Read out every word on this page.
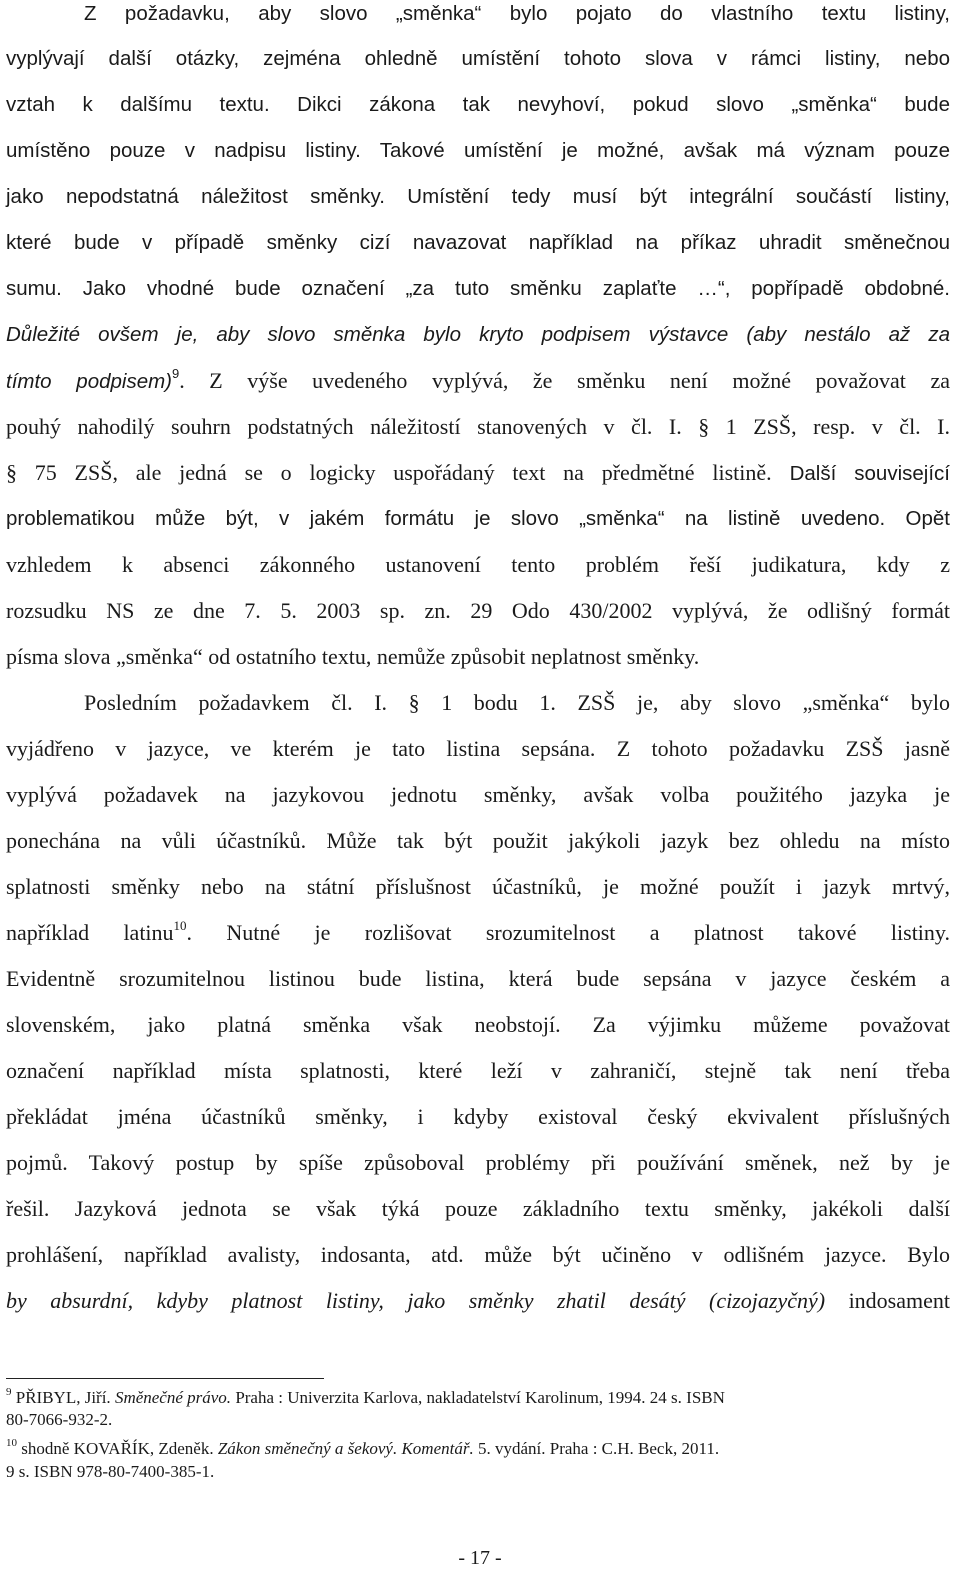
Z požadavku, aby slovo „směnka“ bylo pojato do vlastního textu listiny,
vyplývají další otázky, zejména ohledně umístění tohoto slova v rámci listiny, nebo
vztah k dalšímu textu. Dikci zákona tak nevyhoví, pokud slovo „směnka“ bude
umístěno pouze v nadpisu listiny. Takové umístění je možné, avšak má význam pouze
jako nepodstatná náležitost směnky. Umístění tedy musí být integrální součástí listiny,
které bude v případě směnky cizí navazovat například na příkaz uhradit směnečnou
sumu. Jako vhodné bude označení „za tuto směnku zaplaťte …“, popřípadě obdobné.
Důležité ovšem je, aby slovo směnka bylo kryto podpisem výstavce (aby nestálo až za
tímto podpisem)$^9$. Z výše uvedeného vyplývá, že směnku není možné považovat za
pouhý nahodilý souhrn podstatných náležitostí stanovených v čl. I. § 1 ZSŠ, resp. v čl. I.
§ 75 ZSŠ, ale jedná se o logicky uspořádaný text na předmětné listině. Další související
problematikou může být, v jakém formátu je slovo „směnka“ na listině uvedeno. Opět
vzhledem k absenci zákonného ustanovení tento problém řeší judikatura, kdy z
rozsudku NS ze dne 7. 5. 2003 sp. zn. 29 Odo 430/2002 vyplývá, že odlišný formát
písma slova „směnka“ od ostatního textu, nemůže způsobit neplatnost směnky.
Posledním požadavkem čl. I. § 1 bodu 1. ZSŠ je, aby slovo „směnka“ bylo
vyjádřeno v jazyce, ve kterém je tato listina sepsána. Z tohoto požadavku ZSŠ jasně
vyplývá požadavek na jazykovou jednotu směnky, avšak volba použitého jazyka je
ponechána na vůli účastníků. Může tak být použit jakýkoli jazyk bez ohledu na místo
splatnosti směnky nebo na státní příslušnost účastníků, je možné použít i jazyk mrtvý,
například latinu$^{10}$. Nutné je rozlišovat srozumitelnost a platnost takové listiny.
Evidentně srozumitelnou listinou bude listina, která bude sepsána v jazyce českém a
slovenském, jako platná směnka však neobstojí. Za výjimku můžeme považovat
označení například místa splatnosti, které leží v zahraničí, stejně tak není třeba
překládat jména účastníků směnky, i kdyby existoval český ekvivalent příslušných
pojmů. Takový postup by spíše způsoboval problémy při používání směnek, než by je
řešil. Jazyková jednota se však týká pouze základního textu směnky, jakékoli další
prohlášení, například avalisty, indosanta, atd. může být učiněno v odlišném jazyce. Bylo
by absurdní, kdyby platnost listiny, jako směnky zhatil desátý (cizojazyčný) indosament
$^9$ PŘIBYL, Jiří. Směnečné právo. Praha : Univerzita Karlova, nakladatelství Karolinum, 1994. 24 s. ISBN
80-7066-932-2.
$^{10}$ shodně KOVAŘÍK, Zdeněk. Zákon směnečný a šekový. Komentář. 5. vydání. Praha : C.H. Beck, 2011.
9 s. ISBN 978-80-7400-385-1.
- 17 -
